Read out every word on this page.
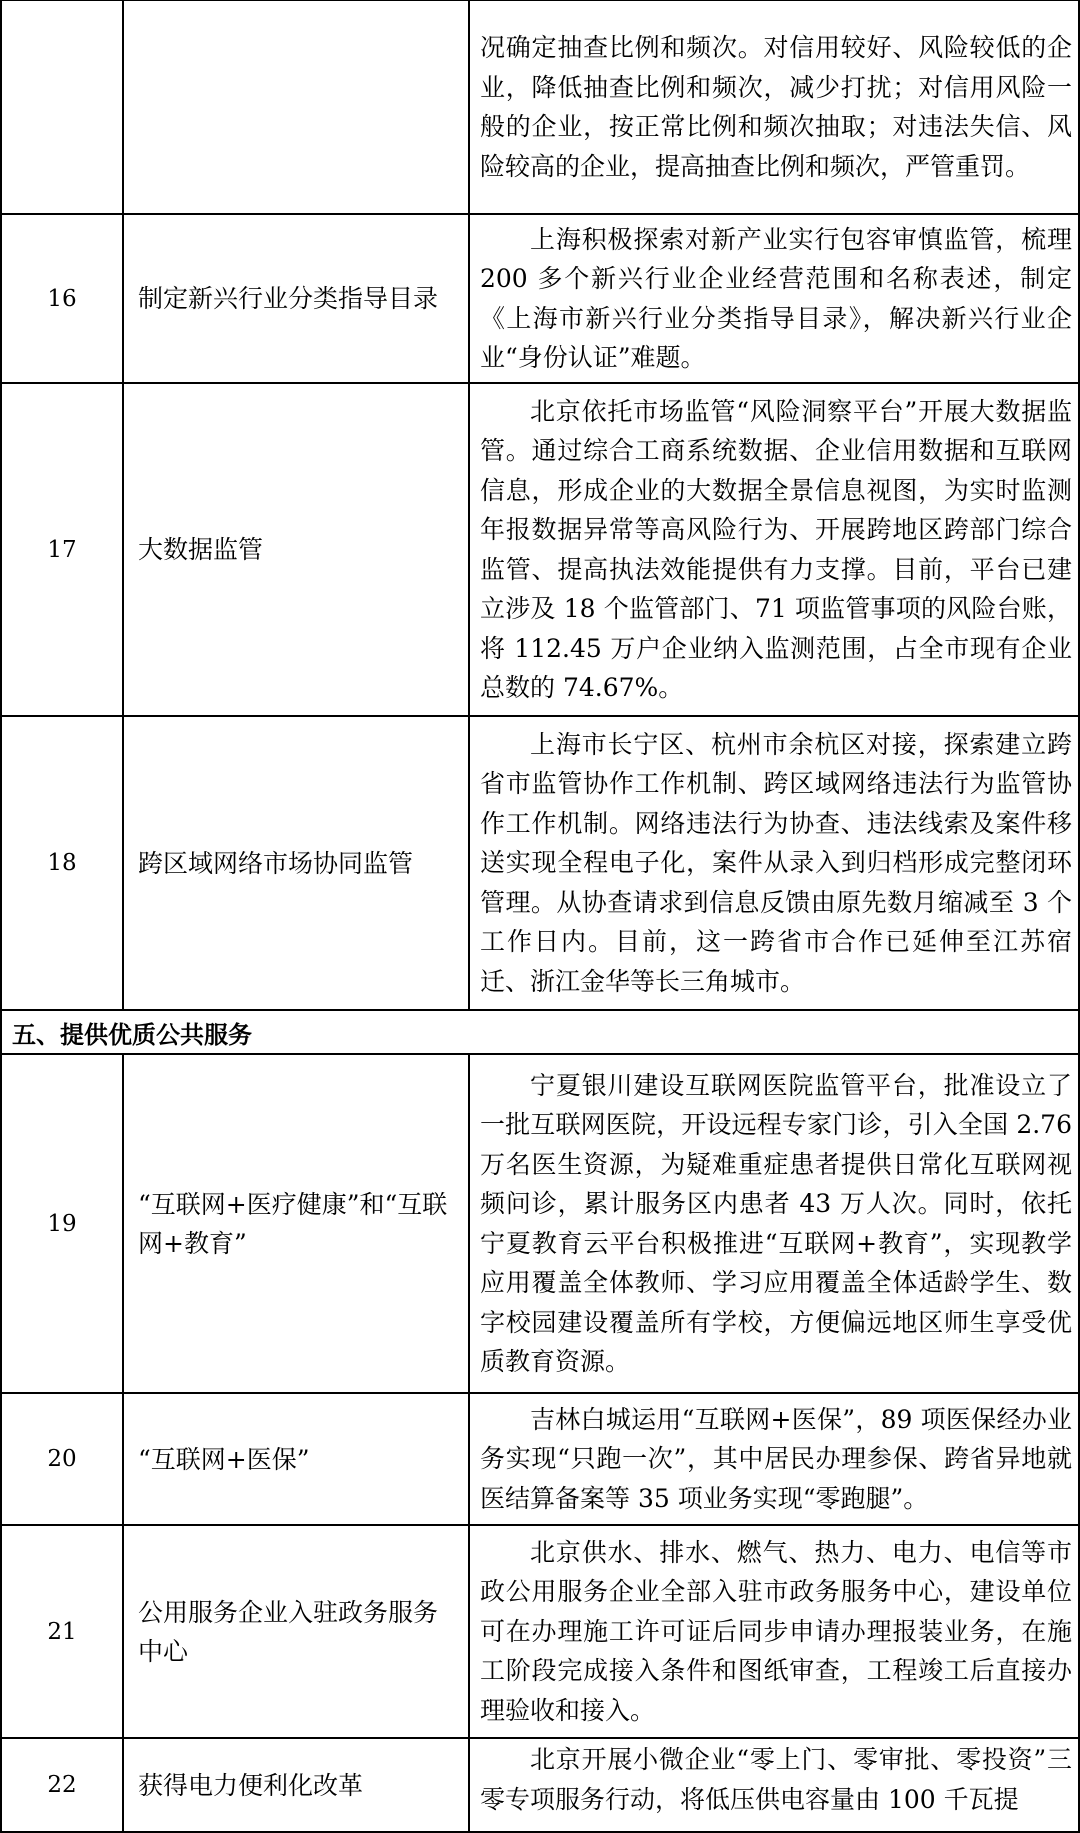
		况确定抽查比例和频次。对信用较好、风险较低的企业，降低抽查比例和频次，减少打扰；对信用风险一般的企业，按正常比例和频次抽取；对违法失信、风险较高的企业，提高抽查比例和频次，严管重罚。
16	制定新兴行业分类指导目录	上海积极探索对新产业实行包容审慎监管，梳理 200 多个新兴行业企业经营范围和名称表述，制定《上海市新兴行业分类指导目录》，解决新兴行业企业“身份认证”难题。
17	大数据监管	北京依托市场监管“风险洞察平台”开展大数据监管。通过综合工商系统数据、企业信用数据和互联网信息，形成企业的大数据全景信息视图，为实时监测年报数据异常等高风险行为、开展跨地区跨部门综合监管、提高执法效能提供有力支撑。目前，平台已建立涉及 18 个监管部门、71 项监管事项的风险台账，将 112.45 万户企业纳入监测范围，占全市现有企业总数的 74.67%。
18	跨区域网络市场协同监管	上海市长宁区、杭州市余杭区对接，探索建立跨省市监管协作工作机制、跨区域网络违法行为监管协作工作机制。网络违法行为协查、违法线索及案件移送实现全程电子化，案件从录入到归档形成完整闭环管理。从协查请求到信息反馈由原先数月缩减至 3 个工作日内。目前，这一跨省市合作已延伸至江苏宿迁、浙江金华等长三角城市。
五、提供优质公共服务		
19	“互联网+医疗健康”和“互联网+教育”	宁夏银川建设互联网医院监管平台，批准设立了一批互联网医院，开设远程专家门诊，引入全国 2.76 万名医生资源，为疑难重症患者提供日常化互联网视频问诊，累计服务区内患者 43 万人次。同时，依托宁夏教育云平台积极推进“互联网+教育”，实现教学应用覆盖全体教师、学习应用覆盖全体适龄学生、数字校园建设覆盖所有学校，方便偏远地区师生享受优质教育资源。
20	“互联网+医保”	吉林白城运用“互联网+医保”，89 项医保经办业务实现“只跑一次”，其中居民办理参保、跨省异地就医结算备案等 35 项业务实现“零跑腿”。
21	公用服务企业入驻政务服务中心	北京供水、排水、燃气、热力、电力、电信等市政公用服务企业全部入驻市政务服务中心，建设单位可在办理施工许可证后同步申请办理报装业务，在施工阶段完成接入条件和图纸审查，工程竣工后直接办理验收和接入。
22	获得电力便利化改革	北京开展小微企业“零上门、零审批、零投资”三零专项服务行动，将低压供电容量由 100 千瓦提
